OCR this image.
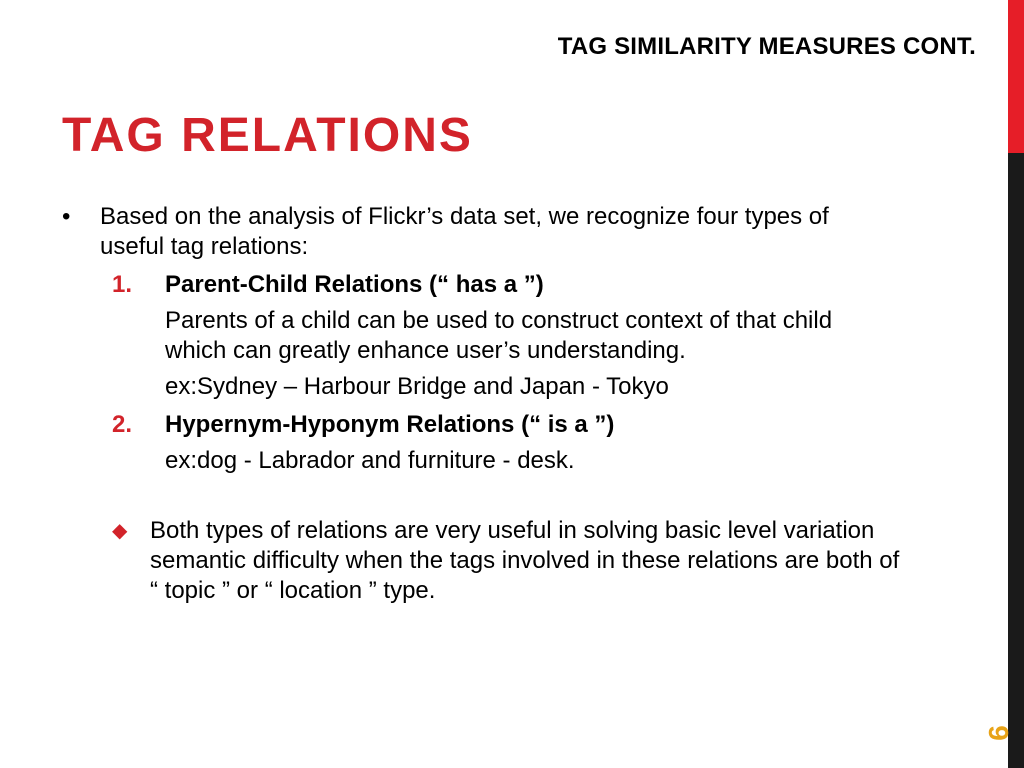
TAG SIMILARITY MEASURES CONT.
TAG RELATIONS
•	Based on the analysis of Flickr’s data set, we recognize four types of useful tag relations:
1.	Parent-Child Relations (“ has a ”)
Parents of a child can be used to construct context of that child which can greatly enhance user’s understanding.
ex:Sydney – Harbour Bridge and Japan - Tokyo
2.	Hypernym-Hyponym Relations (“ is a ”)
ex:dog - Labrador and furniture - desk.
◆ Both types of relations are very useful in solving basic level variation semantic difficulty when the tags involved in these relations are both of “ topic ” or “ location ” type.
9
